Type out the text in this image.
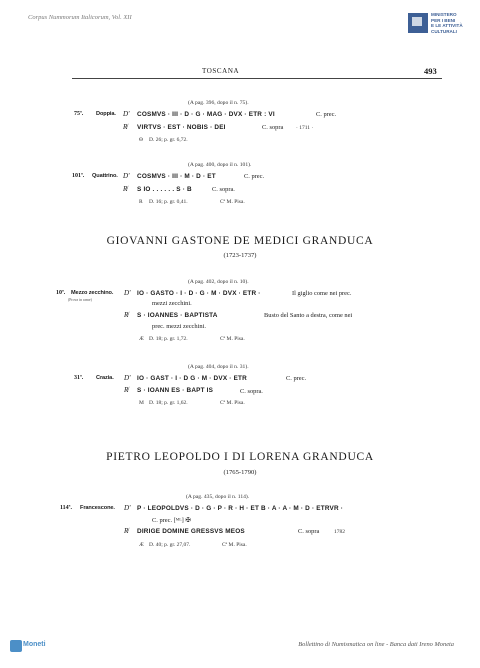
Corpus Nummorum Italicorum, Vol. XII	MINISTERO
PER I BENI
E LE ATTIVITÀ
CULTURALI
TOSCANA	493
(A pag. 396, dopo il n. 75).
75ª. Doppia. D' COSMVS · III · D · G · MAG · DVX · ETR : VI	C. prec.
R̸ VIRTVS · EST · NOBIS · DEI	C. sopra · 1711 ·
Θ D. 26; p. gr. 6,72.
(A pag. 400, dopo il n. 101).
101ª. Quattrino. D' COSMVS · III · M · D · ET	C. prec.
R̸ S IO . . . . . . S · B	C. sopra.
R D. 16; p. gr. 0,41.	Cª M. Pisa.
GIOVANNI GASTONE DE MEDICI GRANDUCA
(1723-1737)
(A pag. 402, dopo il n. 10).
10ª. Mezzo zecchino.
(Prova in rame)
D' IO · GASTO · I · D · G · M · DVX · ETR ·	Il giglio come nei prec.
mezzi zecchini.
R̸ S · IOANNES · BAPTISTA	Busto del Santo a destra, come nei
prec. mezzi zecchini.
Æ D. 18; p. gr. 1,72.	Cª M. Pisa.
(A pag. 404, dopo il n. 31).
31ª. Crazia. D' IO · GAST · I · D G · M · DVX · ETR	C. prec.
R̸ S · IOANN ES · BAPT IS	C. sopra.
M D. 18; p. gr. 1,62.	Cª M. Pisa.
PIETRO LEOPOLDO I DI LORENA GRANDUCA
(1765-1790)
(A pag. 435, dopo il n. 114).
114ª. Francescone. D' P · LEOPOLDVS · D · G · P · R · H · ET B · A · A · M · D · ETRVR ·
C. prec. [ᴹᴸ] ✠
R̸ DIRIGE DOMINE GRESSVS MEOS	C. sopra	1782
Æ D. 40; p. gr. 27,07.	Cª M. Pisa.
Moneti	Bollettino di Numismatica on line - Banca dati Ireno Moneta
